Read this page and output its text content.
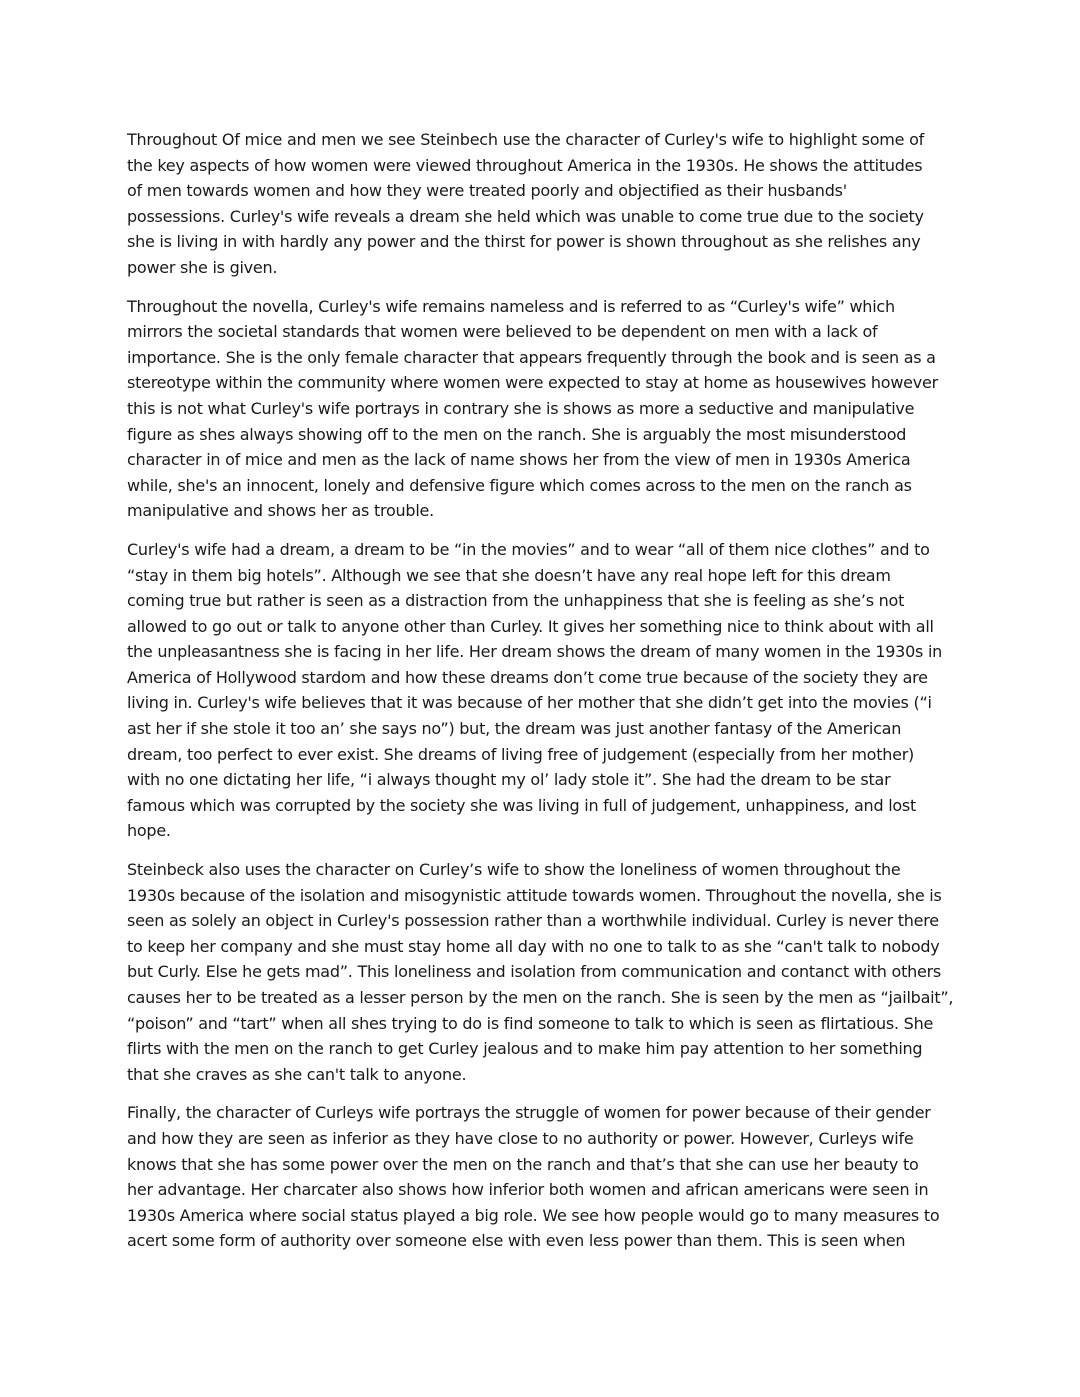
Throughout Of mice and men we see Steinbech use the character of Curley's wife to highlight some of
the key aspects of how women were viewed throughout America in the 1930s. He shows the attitudes
of men towards women and how they were treated poorly and objectified as their husbands'
possessions. Curley's wife reveals a dream she held which was unable to come true due to the society
she is living in with hardly any power and the thirst for power is shown throughout as she relishes any
power she is given.

Throughout the novella, Curley's wife remains nameless and is referred to as “Curley's wife” which
mirrors the societal standards that women were believed to be dependent on men with a lack of
importance. She is the only female character that appears frequently through the book and is seen as a
stereotype within the community where women were expected to stay at home as housewives however
this is not what Curley's wife portrays in contrary she is shows as more a seductive and manipulative
figure as shes always showing off to the men on the ranch. She is arguably the most misunderstood
character in of mice and men as the lack of name shows her from the view of men in 1930s America
while, she's an innocent, lonely and defensive figure which comes across to the men on the ranch as
manipulative and shows her as trouble.

Curley's wife had a dream, a dream to be “in the movies” and to wear “all of them nice clothes” and to
“stay in them big hotels”. Although we see that she doesn’t have any real hope left for this dream
coming true but rather is seen as a distraction from the unhappiness that she is feeling as she’s not
allowed to go out or talk to anyone other than Curley. It gives her something nice to think about with all
the unpleasantness she is facing in her life. Her dream shows the dream of many women in the 1930s in
America of Hollywood stardom and how these dreams don’t come true because of the society they are
living in. Curley's wife believes that it was because of her mother that she didn’t get into the movies (“i
ast her if she stole it too an’ she says no”) but, the dream was just another fantasy of the American
dream, too perfect to ever exist. She dreams of living free of judgement (especially from her mother)
with no one dictating her life, “i always thought my ol’ lady stole it”. She had the dream to be star
famous which was corrupted by the society she was living in full of judgement, unhappiness, and lost
hope.

Steinbeck also uses the character on Curley’s wife to show the loneliness of women throughout the
1930s because of the isolation and misogynistic attitude towards women. Throughout the novella, she is
seen as solely an object in Curley's possession rather than a worthwhile individual. Curley is never there
to keep her company and she must stay home all day with no one to talk to as she “can't talk to nobody
but Curly. Else he gets mad”. This loneliness and isolation from communication and contanct with others
causes her to be treated as a lesser person by the men on the ranch. She is seen by the men as “jailbait”,
“poison” and “tart” when all shes trying to do is find someone to talk to which is seen as flirtatious. She
flirts with the men on the ranch to get Curley jealous and to make him pay attention to her something
that she craves as she can't talk to anyone.

Finally, the character of Curleys wife portrays the struggle of women for power because of their gender
and how they are seen as inferior as they have close to no authority or power. However, Curleys wife
knows that she has some power over the men on the ranch and that’s that she can use her beauty to
her advantage. Her charcater also shows how inferior both women and african americans were seen in
1930s America where social status played a big role. We see how people would go to many measures to
acert some form of authority over someone else with even less power than them. This is seen when
